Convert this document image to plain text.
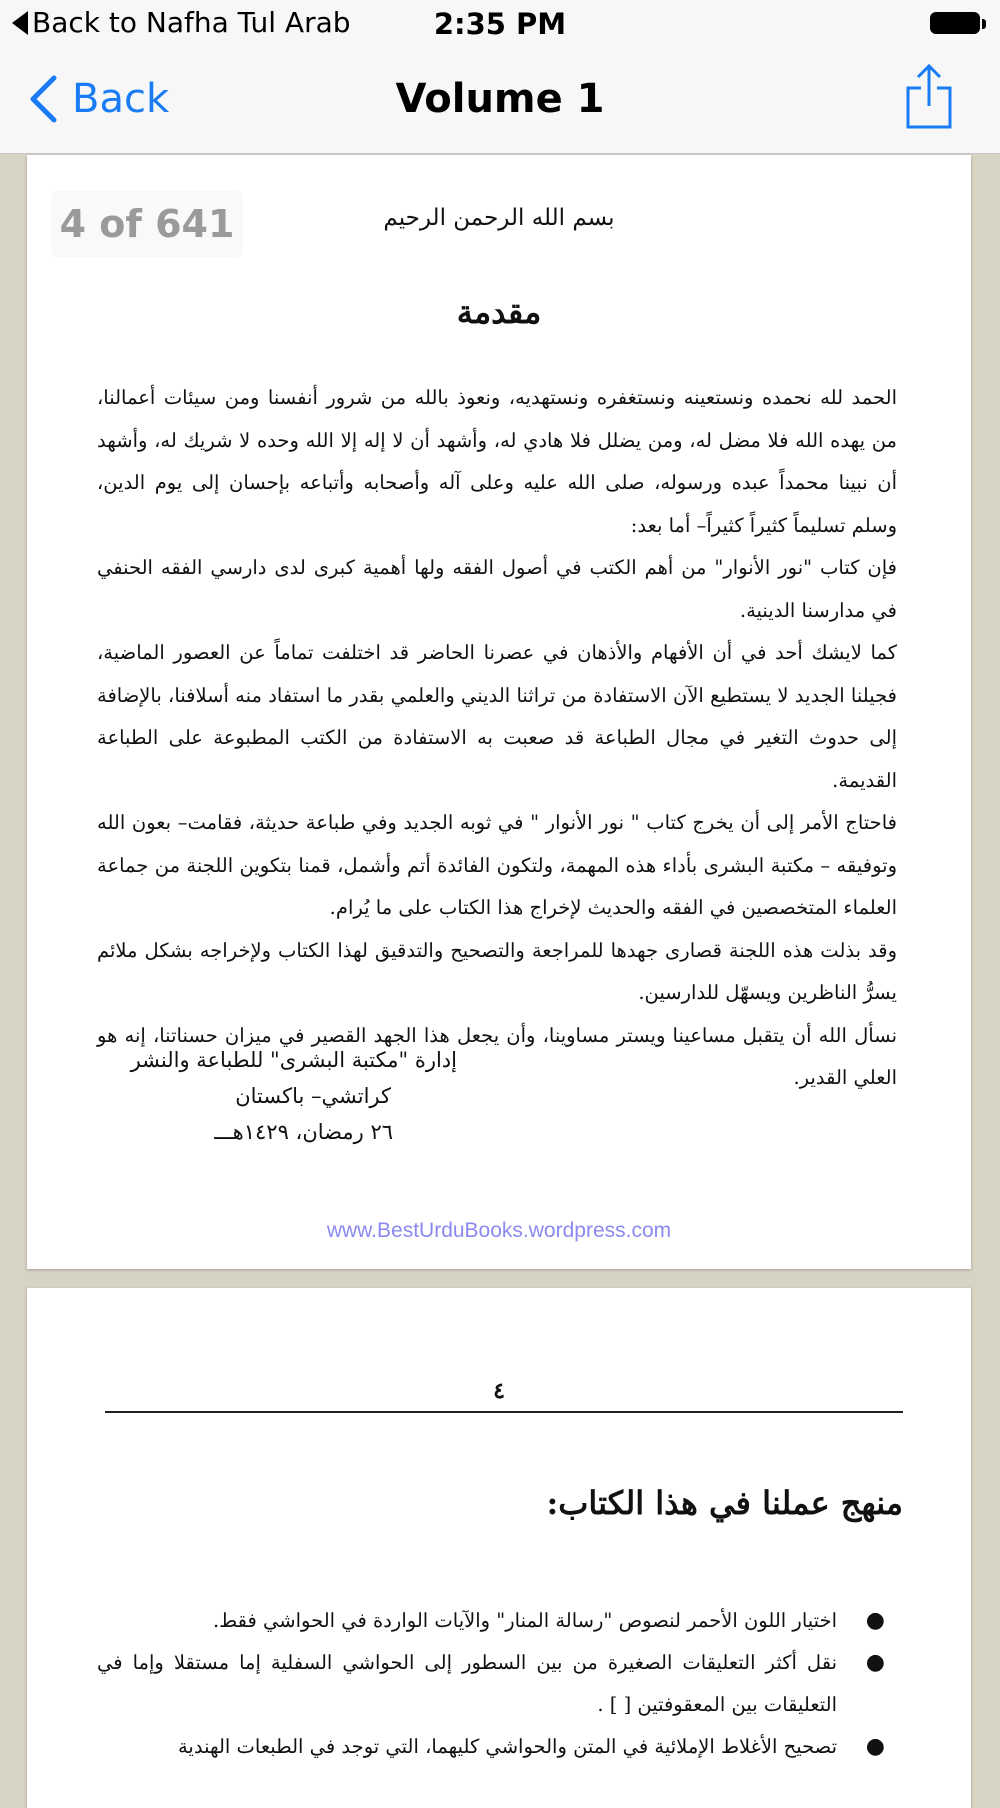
Back to Nafha Tul Arab	2:35 PM
Back	Volume 1
4 of 641	بسم الله الرحمن الرحيم
مقدمة

الحمد لله نحمده ونستعينه ونستغفره ونستهديه، ونعوذ بالله من شرور أنفسنا ومن سيئات أعمالنا، من يهده الله فلا مضل له، ومن يضلل فلا هادي له، وأشهد أن لا إله إلا الله وحده لا شريك له، وأشهد أن نبينا محمداً عبده ورسوله، صلى الله عليه وعلى آله وأصحابه وأتباعه بإحسان إلى يوم الدين، وسلم تسليماً كثيراً كثيراً– أما بعد:

فإن كتاب "نور الأنوار" من أهم الكتب في أصول الفقه ولها أهمية كبرى لدى دارسي الفقه الحنفي في مدارسنا الدينية.

كما لايشك أحد في أن الأفهام والأذهان في عصرنا الحاضر قد اختلفت تماماً عن العصور الماضية، فجيلنا الجديد لا يستطيع الآن الاستفادة من تراثنا الديني والعلمي بقدر ما استفاد منه أسلافنا، بالإضافة إلى حدوث التغير في مجال الطباعة قد صعبت به الاستفادة من الكتب المطبوعة على الطباعة القديمة.

فاحتاج الأمر إلى أن يخرج كتاب " نور الأنوار " في ثوبه الجديد وفي طباعة حديثة، فقامت– بعون الله وتوفيقه – مكتبة البشرى بأداء هذه المهمة، ولتكون الفائدة أتم وأشمل، قمنا بتكوين اللجنة من جماعة العلماء المتخصصين في الفقه والحديث لإخراج هذا الكتاب على ما يُرام.

وقد بذلت هذه اللجنة قصارى جهدها للمراجعة والتصحيح والتدقيق لهذا الكتاب ولإخراجه بشكل ملائم يسرُّ الناظرين ويسهّل للدارسين.

نسأل الله أن يتقبل مساعينا ويستر مساوينا، وأن يجعل هذا الجهد القصير في ميزان حسناتنا، إنه هو العلي القدير.

إدارة "مكتبة البشرى" للطباعة والنشر
كراتشي– باكستان
٢٦ رمضان، ١٤٢٩هـــ
www.BestUrduBooks.wordpress.com
٤
منهج عملنا في هذا الكتاب:
●
اختيار اللون الأحمر لنصوص "رسالة المنار" والآيات الواردة في الحواشي فقط.
●
نقل أكثر التعليقات الصغيرة من بين السطور إلى الحواشي السفلية إما مستقلا وإما في التعليقات بين المعقوفتين [ ] .
●
تصحيح الأغلاط الإملائية في المتن والحواشي كليهما، التي توجد في الطبعات الهندية
